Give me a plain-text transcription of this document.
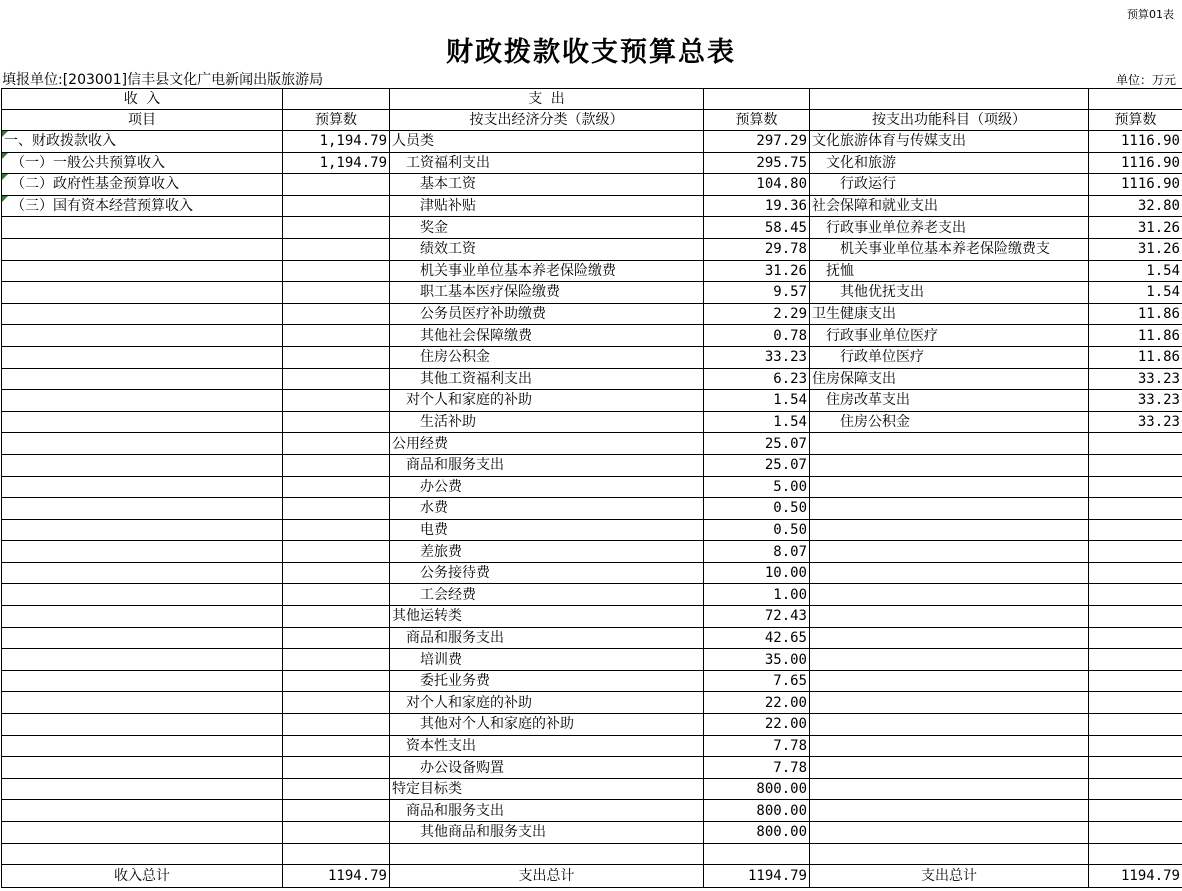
预算01表
财政拨款收支预算总表
填报单位:[203001]信丰县文化广电新闻出版旅游局	单位：万元
收 入		支 出			
项目	预算数	按支出经济分类（款级）	预算数	按支出功能科目（项级）	预算数
一、财政拨款收入	1,194.79	人员类	297.29	文化旅游体育与传媒支出	1116.90
　（一）一般公共预算收入	1,194.79	　工资福利支出	295.75	　文化和旅游	1116.90
　（二）政府性基金预算收入		　　基本工资	104.80	　　行政运行	1116.90
　（三）国有资本经营预算收入		　　津贴补贴	19.36	社会保障和就业支出	32.80
		　　奖金	58.45	　行政事业单位养老支出	31.26
		　　绩效工资	29.78	　　机关事业单位基本养老保险缴费支	31.26
		　　机关事业单位基本养老保险缴费	31.26	　抚恤	1.54
		　　职工基本医疗保险缴费	9.57	　　其他优抚支出	1.54
		　　公务员医疗补助缴费	2.29	卫生健康支出	11.86
		　　其他社会保障缴费	0.78	　行政事业单位医疗	11.86
		　　住房公积金	33.23	　　行政单位医疗	11.86
		　　其他工资福利支出	6.23	住房保障支出	33.23
		　对个人和家庭的补助	1.54	　住房改革支出	33.23
		　　生活补助	1.54	　　住房公积金	33.23
		公用经费	25.07		
		　商品和服务支出	25.07		
		　　办公费	5.00		
		　　水费	0.50		
		　　电费	0.50		
		　　差旅费	8.07		
		　　公务接待费	10.00		
		　　工会经费	1.00		
		其他运转类	72.43		
		　商品和服务支出	42.65		
		　　培训费	35.00		
		　　委托业务费	7.65		
		　对个人和家庭的补助	22.00		
		　　其他对个人和家庭的补助	22.00		
		　资本性支出	7.78		
		　　办公设备购置	7.78		
		特定目标类	800.00		
		　商品和服务支出	800.00		
		　　其他商品和服务支出	800.00		

收入总计	1194.79	支出总计	1194.79	支出总计	1194.79
